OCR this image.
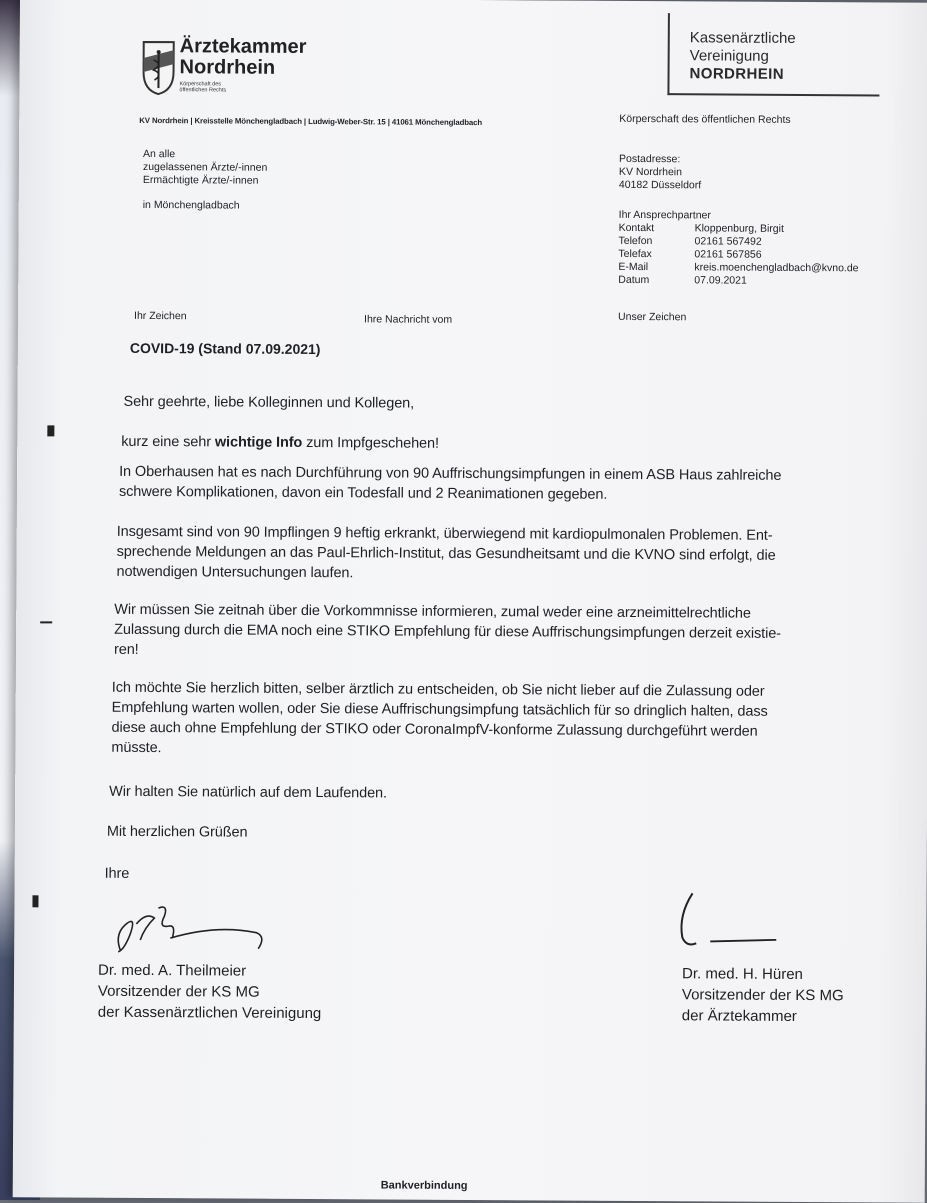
Ärztekammer
Nordrhein
Körperschaft des öffentlichen Rechts
Kassenärztliche
Vereinigung
NORDRHEIN
KV Nordrhein | Kreisstelle Mönchengladbach | Ludwig-Weber-Str. 15 | 41061 Mönchengladbach	Körperschaft des öffentlichen Rechts
An alle
zugelassenen Ärzte/-innen
Ermächtigte Ärzte/-innen
in Mönchengladbach
Postadresse:
KV Nordrhein
40182 Düsseldorf
Ihr Ansprechpartner
Kontakt	Kloppenburg, Birgit
Telefon	02161 567492
Telefax	02161 567856
E-Mail	kreis.moenchengladbach@kvno.de
Datum	07.09.2021
Ihr Zeichen	Ihre Nachricht vom	Unser Zeichen
COVID-19 (Stand 07.09.2021)
Sehr geehrte, liebe Kolleginnen und Kollegen,
kurz eine sehr wichtige Info zum Impfgeschehen!
In Oberhausen hat es nach Durchführung von 90 Auffrischungsimpfungen in einem ASB Haus zahlreiche
schwere Komplikationen, davon ein Todesfall und 2 Reanimationen gegeben.
Insgesamt sind von 90 Impflingen 9 heftig erkrankt, überwiegend mit kardiopulmonalen Problemen. Ent-
sprechende Meldungen an das Paul-Ehrlich-Institut, das Gesundheitsamt und die KVNO sind erfolgt, die
notwendigen Untersuchungen laufen.
Wir müssen Sie zeitnah über die Vorkommnisse informieren, zumal weder eine arzneimittelrechtliche
Zulassung durch die EMA noch eine STIKO Empfehlung für diese Auffrischungsimpfungen derzeit existie-
ren!
Ich möchte Sie herzlich bitten, selber ärztlich zu entscheiden, ob Sie nicht lieber auf die Zulassung oder
Empfehlung warten wollen, oder Sie diese Auffrischungsimpfung tatsächlich für so dringlich halten, dass
diese auch ohne Empfehlung der STIKO oder CoronaImpfV-konforme Zulassung durchgeführt werden
müsste.
Wir halten Sie natürlich auf dem Laufenden.
Mit herzlichen Grüßen
Ihre
Dr. med. A. Theilmeier
Vorsitzender der KS MG
der Kassenärztlichen Vereinigung
Dr. med. H. Hüren
Vorsitzender der KS MG
der Ärztekammer
Bankverbindung
